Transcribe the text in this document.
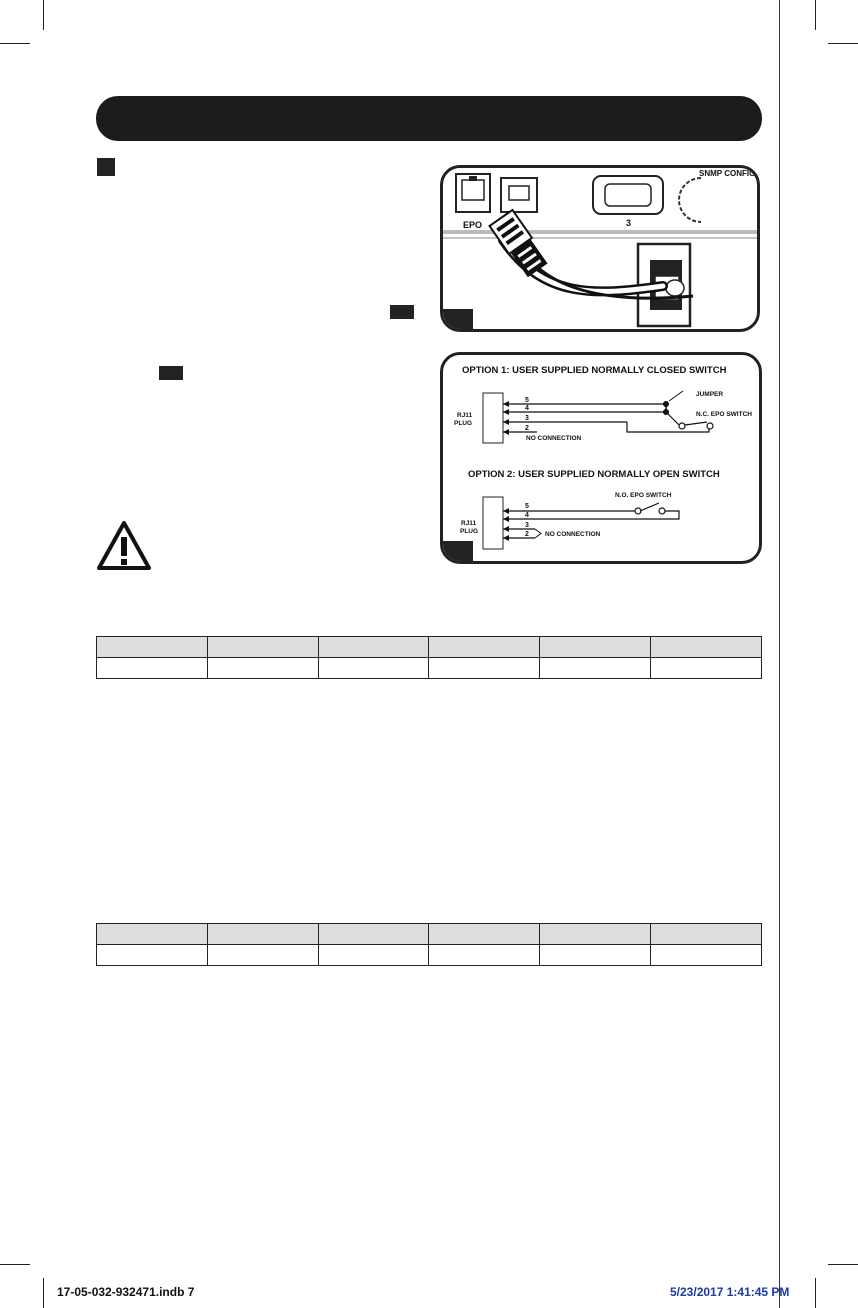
EPO	3
SNMP CONFIG
OPTION 1: USER SUPPLIED NORMALLY CLOSED SWITCH
RJ11
PLUG
5
4
3
2
JUMPER
N.C. EPO SWITCH
NO CONNECTION
OPTION 2: USER SUPPLIED NORMALLY OPEN SWITCH
RJ11
PLUG
5
4
3
2
N.O. EPO SWITCH
NO CONNECTION

17-05-032-932471.indb 7	5/23/2017 1:41:45 PM
